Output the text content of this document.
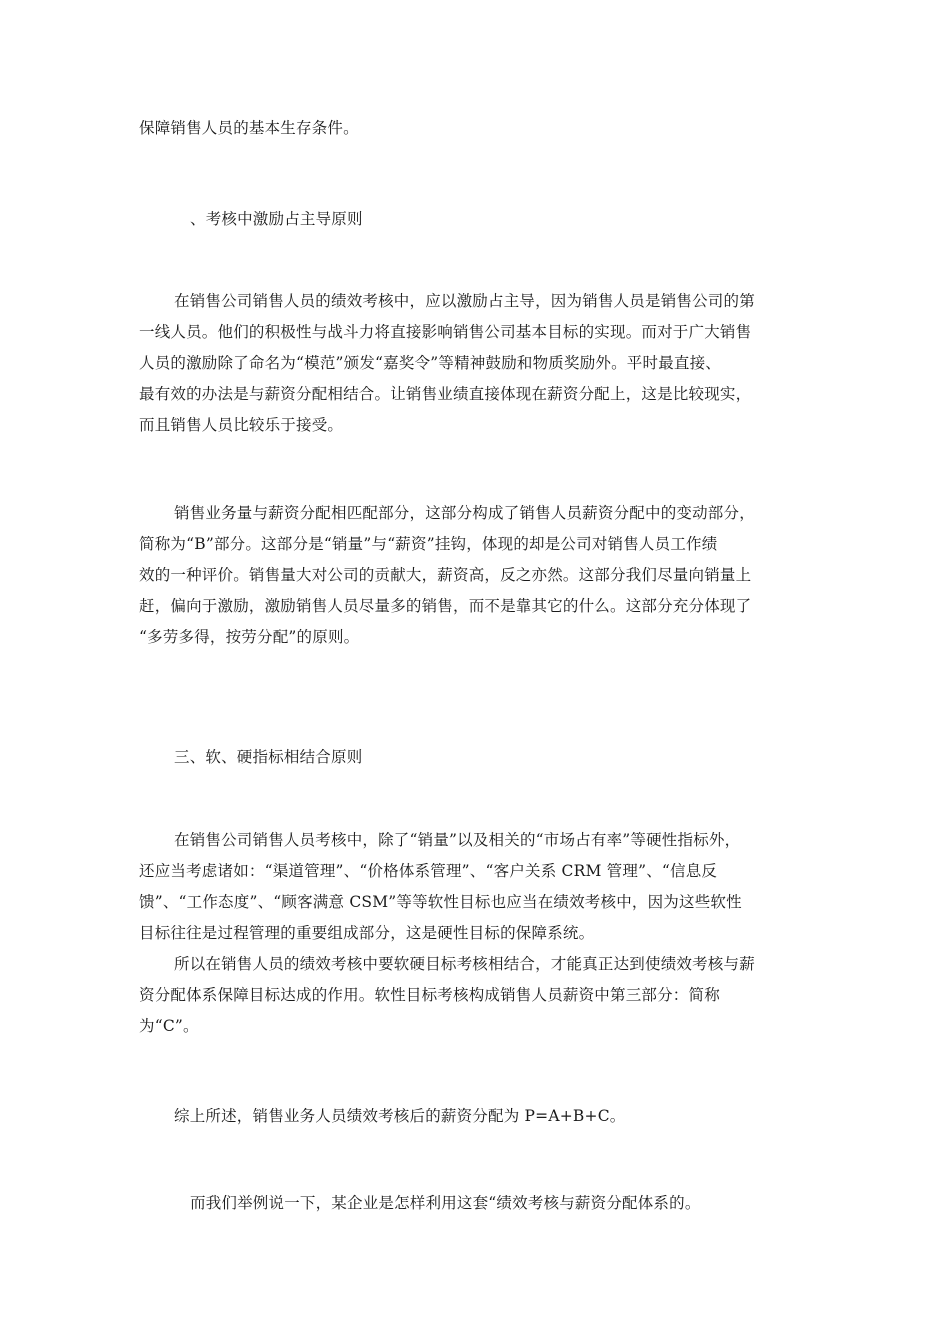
保障销售人员的基本生存条件。
、考核中激励占主导原则
在销售公司销售人员的绩效考核中，应以激励占主导，因为销售人员是销售公司的第
一线人员。他们的积极性与战斗力将直接影响销售公司基本目标的实现。而对于广大销售
人员的激励除了命名为“模范”颁发“嘉奖令”等精神鼓励和物质奖励外。平时最直接、
最有效的办法是与薪资分配相结合。让销售业绩直接体现在薪资分配上，这是比较现实，
而且销售人员比较乐于接受。
销售业务量与薪资分配相匹配部分，这部分构成了销售人员薪资分配中的变动部分，
简称为“B”部分。这部分是“销量”与“薪资”挂钩，体现的却是公司对销售人员工作绩
效的一种评价。销售量大对公司的贡献大，薪资高，反之亦然。这部分我们尽量向销量上
赶，偏向于激励，激励销售人员尽量多的销售，而不是靠其它的什么。这部分充分体现了
“多劳多得，按劳分配”的原则。
三、软、硬指标相结合原则
在销售公司销售人员考核中，除了“销量”以及相关的“市场占有率”等硬性指标外，
还应当考虑诸如：“渠道管理”、“价格体系管理”、“客户关系 CRM 管理”、“信息反
馈”、“工作态度”、“顾客满意 CSM”等等软性目标也应当在绩效考核中，因为这些软性
目标往往是过程管理的重要组成部分，这是硬性目标的保障系统。
所以在销售人员的绩效考核中要软硬目标考核相结合，才能真正达到使绩效考核与薪
资分配体系保障目标达成的作用。软性目标考核构成销售人员薪资中第三部分：简称
为“C”。
综上所述，销售业务人员绩效考核后的薪资分配为 P=A+B+C。
而我们举例说一下，某企业是怎样利用这套“绩效考核与薪资分配体系的。
